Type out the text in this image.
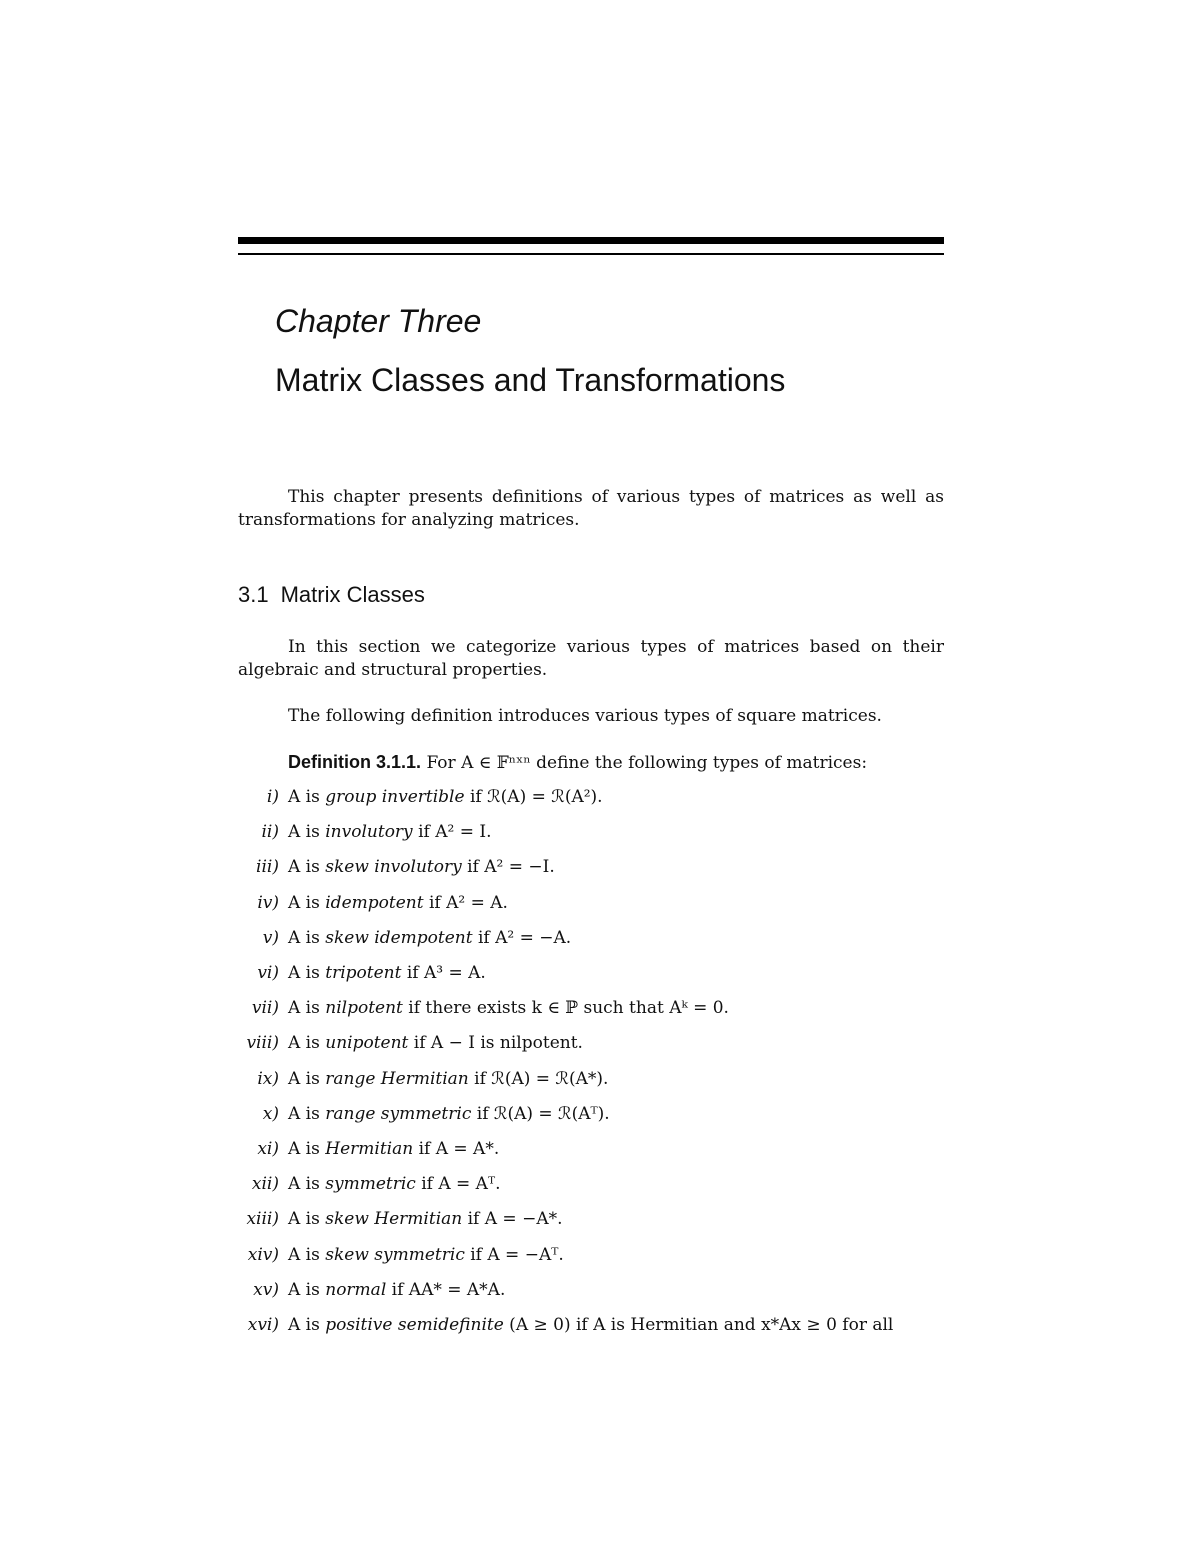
Chapter Three
Matrix Classes and Transformations

This chapter presents definitions of various types of matrices as well as transformations for analyzing matrices.

3.1 Matrix Classes

In this section we categorize various types of matrices based on their algebraic and structural properties.

The following definition introduces various types of square matrices.

Definition 3.1.1. For A ∈ 𝔽ⁿˣⁿ define the following types of matrices:
i) A is group invertible if ℛ(A) = ℛ(A²).
ii) A is involutory if A² = I.
iii) A is skew involutory if A² = −I.
iv) A is idempotent if A² = A.
v) A is skew idempotent if A² = −A.
vi) A is tripotent if A³ = A.
vii) A is nilpotent if there exists k ∈ ℙ such that Aᵏ = 0.
viii) A is unipotent if A − I is nilpotent.
ix) A is range Hermitian if ℛ(A) = ℛ(A*).
x) A is range symmetric if ℛ(A) = ℛ(Aᵀ).
xi) A is Hermitian if A = A*.
xii) A is symmetric if A = Aᵀ.
xiii) A is skew Hermitian if A = −A*.
xiv) A is skew symmetric if A = −Aᵀ.
xv) A is normal if AA* = A*A.
xvi) A is positive semidefinite (A ≥ 0) if A is Hermitian and x*Ax ≥ 0 for all
